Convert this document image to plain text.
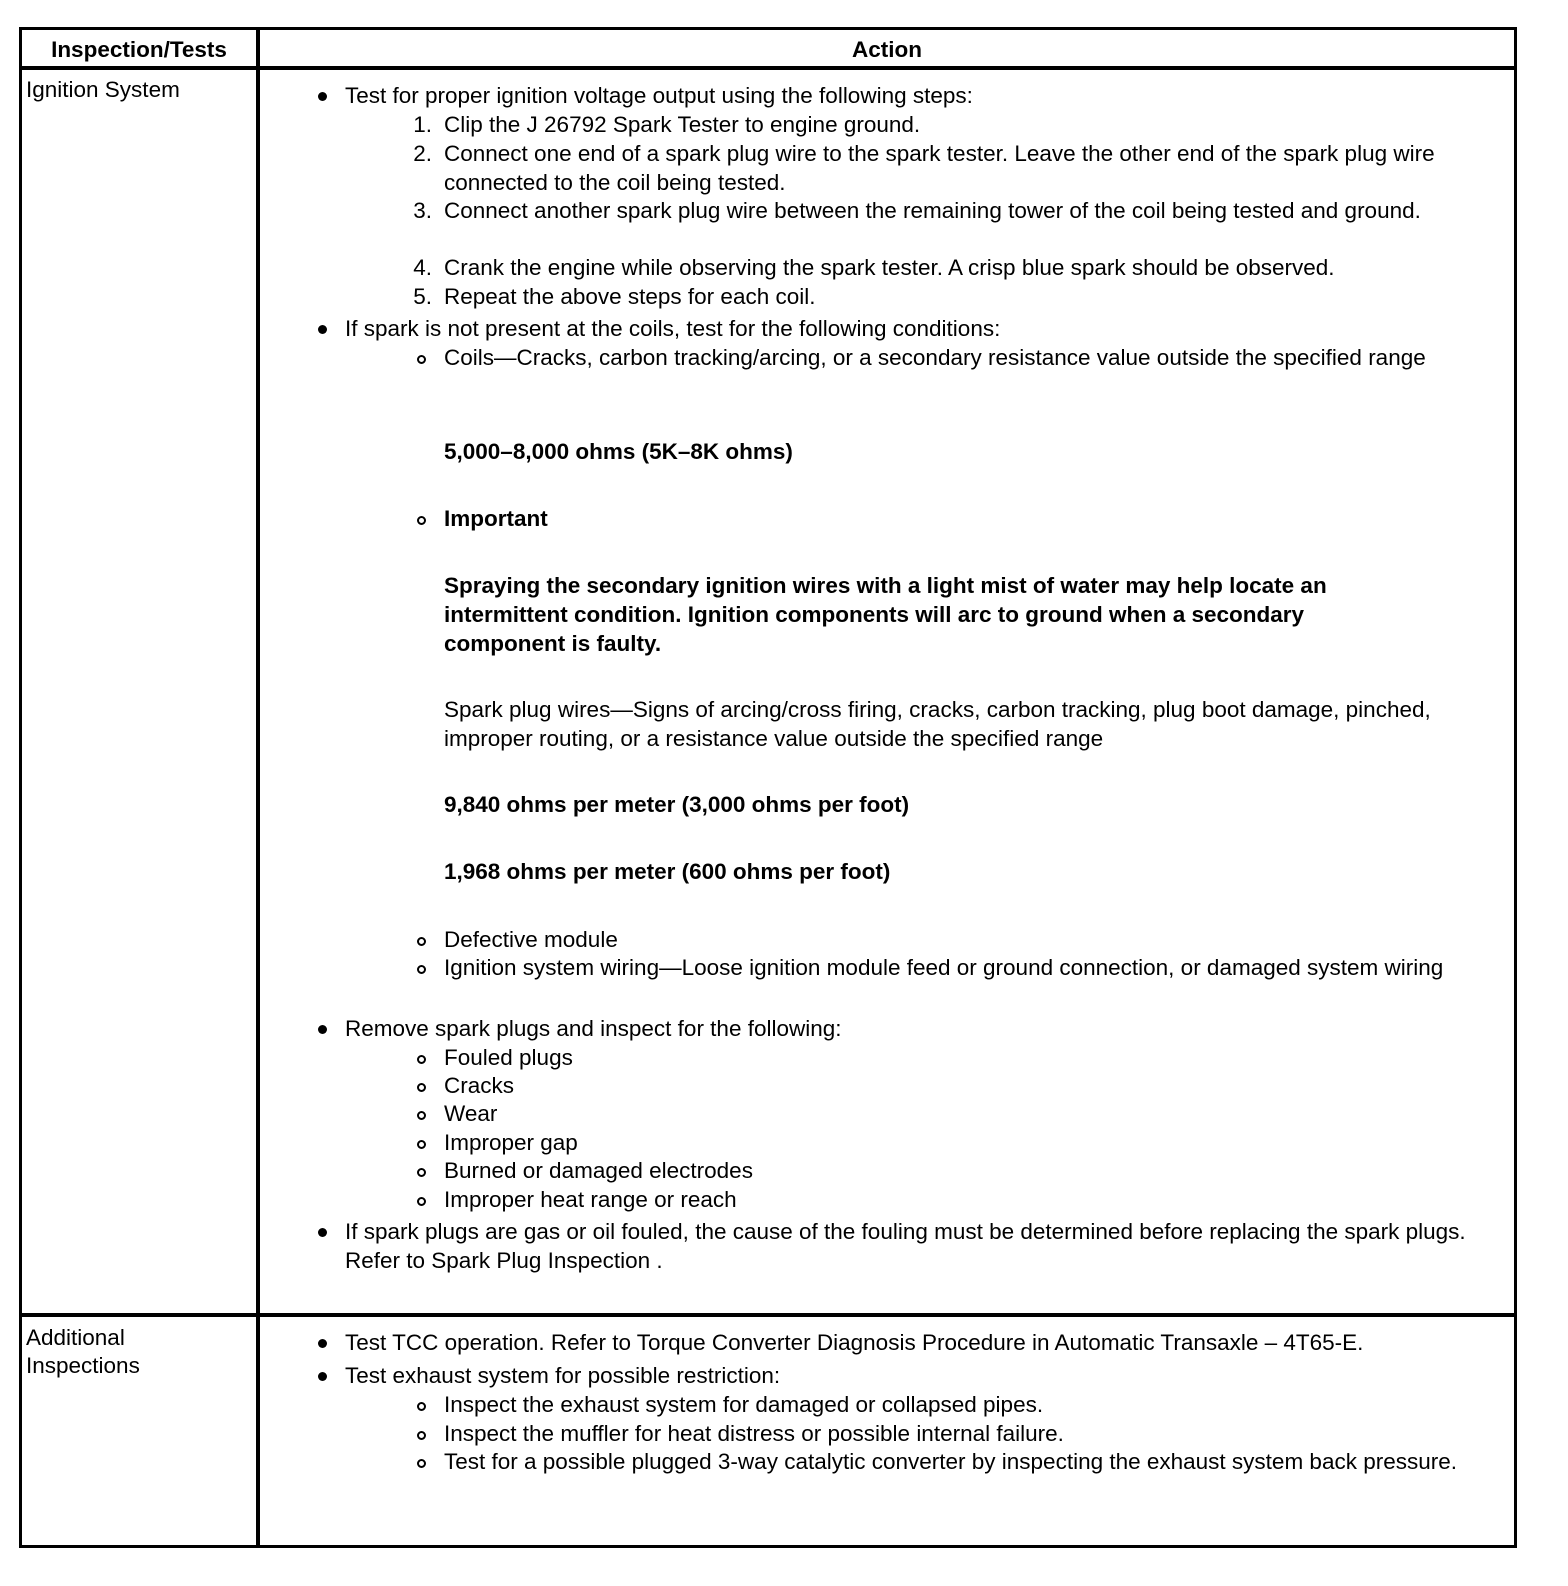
Inspection/Tests	Action
Ignition System	Test for proper ignition voltage output using the following steps:
1. Clip the J 26792 Spark Tester to engine ground.
2. Connect one end of a spark plug wire to the spark tester. Leave the other end of the spark plug wire connected to the coil being tested.
3. Connect another spark plug wire between the remaining tower of the coil being tested and ground.
4. Crank the engine while observing the spark tester. A crisp blue spark should be observed.
5. Repeat the above steps for each coil.
If spark is not present at the coils, test for the following conditions:
Coils—Cracks, carbon tracking/arcing, or a secondary resistance value outside the specified range
5,000–8,000 ohms (5K–8K ohms)
Important
Spraying the secondary ignition wires with a light mist of water may help locate an intermittent condition. Ignition components will arc to ground when a secondary component is faulty.
Spark plug wires—Signs of arcing/cross firing, cracks, carbon tracking, plug boot damage, pinched, improper routing, or a resistance value outside the specified range
9,840 ohms per meter (3,000 ohms per foot)
1,968 ohms per meter (600 ohms per foot)
Defective module
Ignition system wiring—Loose ignition module feed or ground connection, or damaged system wiring
Remove spark plugs and inspect for the following:
Fouled plugs
Cracks
Wear
Improper gap
Burned or damaged electrodes
Improper heat range or reach
If spark plugs are gas or oil fouled, the cause of the fouling must be determined before replacing the spark plugs. Refer to Spark Plug Inspection .
Additional Inspections
Test TCC operation. Refer to Torque Converter Diagnosis Procedure in Automatic Transaxle – 4T65-E.
Test exhaust system for possible restriction:
Inspect the exhaust system for damaged or collapsed pipes.
Inspect the muffler for heat distress or possible internal failure.
Test for a possible plugged 3-way catalytic converter by inspecting the exhaust system back pressure.
